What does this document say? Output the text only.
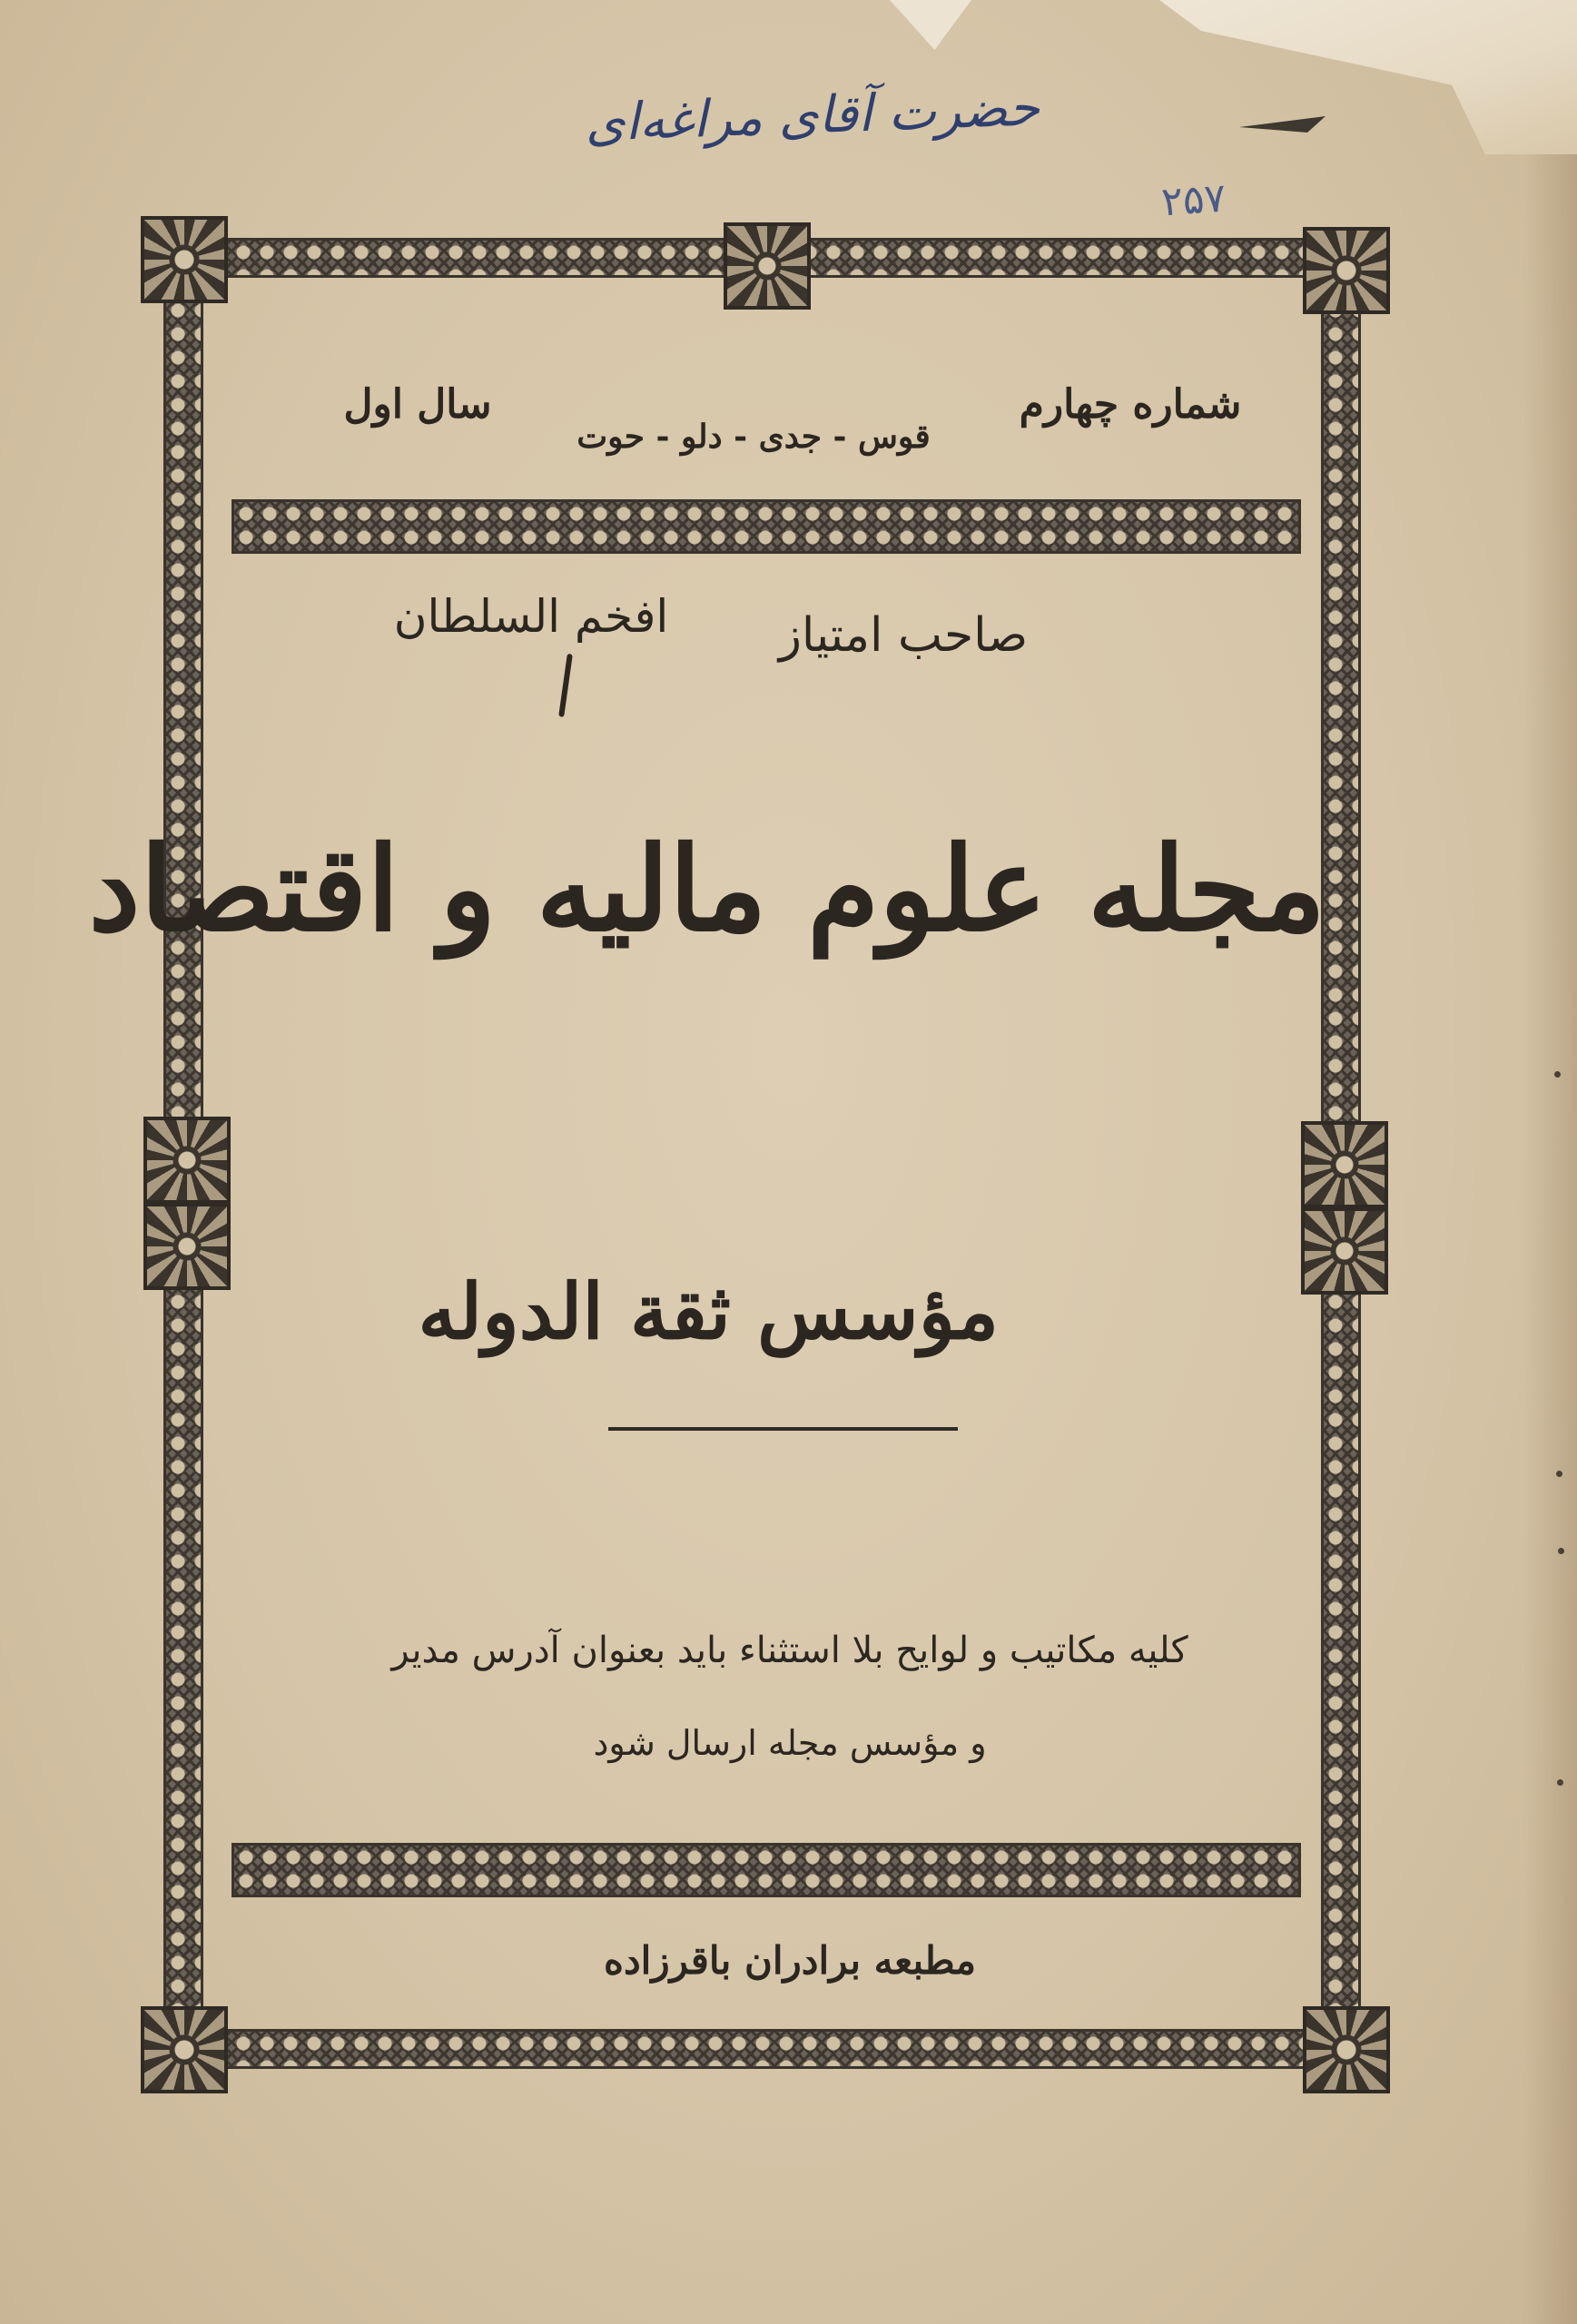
حضرت آقای مراغه‌ای
۲۵۷
شماره چهارم
قوس - جدی - دلو - حوت
سال اول
صاحب امتیاز
افخم السلطان
مجله علوم مالیه و اقتصاد
مؤسس ثقة الدوله
کلیه مکاتیب و لوایح بلا استثناء باید بعنوان آدرس مدیر
و مؤسس مجله ارسال شود
مطبعه برادران باقرزاده
